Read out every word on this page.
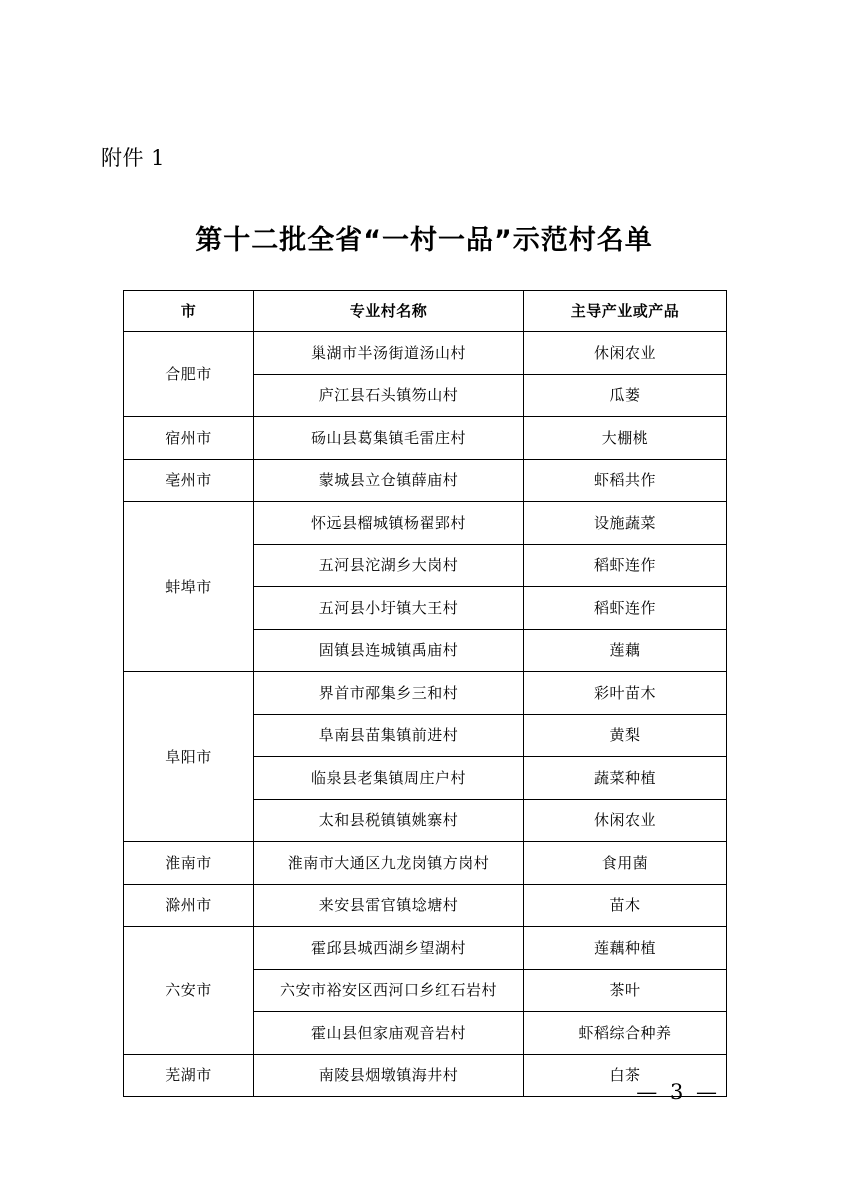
附件 1
第十二批全省“一村一品”示范村名单
市	专业村名称	主导产业或产品
合肥市	巢湖市半汤街道汤山村	休闲农业
	庐江县石头镇笏山村	瓜蒌
宿州市	砀山县葛集镇毛雷庄村	大棚桃
亳州市	蒙城县立仓镇薛庙村	虾稻共作
蚌埠市	怀远县榴城镇杨翟郢村	设施蔬菜
	五河县沱湖乡大岗村	稻虾连作
	五河县小圩镇大王村	稻虾连作
	固镇县连城镇禹庙村	莲藕
阜阳市	界首市邴集乡三和村	彩叶苗木
	阜南县苗集镇前进村	黄梨
	临泉县老集镇周庄户村	蔬菜种植
	太和县税镇镇姚寨村	休闲农业
淮南市	淮南市大通区九龙岗镇方岗村	食用菌
滁州市	来安县雷官镇埝塘村	苗木
六安市	霍邱县城西湖乡望湖村	莲藕种植
	六安市裕安区西河口乡红石岩村	茶叶
	霍山县但家庙观音岩村	虾稻综合种养
芜湖市	南陵县烟墩镇海井村	白茶
— 3 —
